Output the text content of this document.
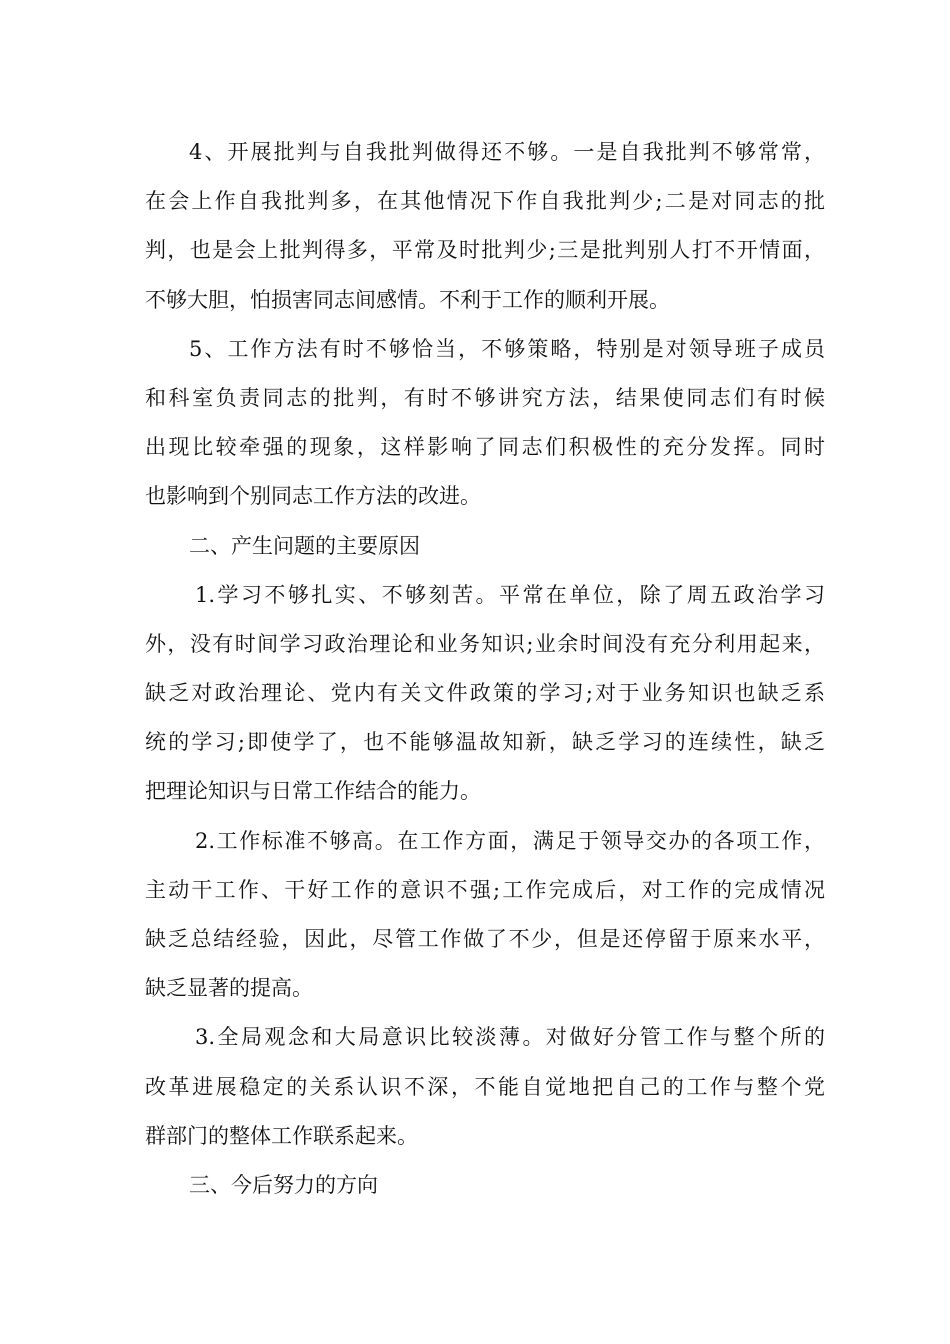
4、开展批判与自我批判做得还不够。一是自我批判不够常常，
在会上作自我批判多，在其他情况下作自我批判少;二是对同志的批
判，也是会上批判得多，平常及时批判少;三是批判别人打不开情面，
不够大胆，怕损害同志间感情。不利于工作的顺利开展。
5、工作方法有时不够恰当，不够策略，特别是对领导班子成员
和科室负责同志的批判，有时不够讲究方法，结果使同志们有时候
出现比较牵强的现象，这样影响了同志们积极性的充分发挥。同时
也影响到个别同志工作方法的改进。
二、产生问题的主要原因
1.学习不够扎实、不够刻苦。平常在单位，除了周五政治学习
外，没有时间学习政治理论和业务知识;业余时间没有充分利用起来，
缺乏对政治理论、党内有关文件政策的学习;对于业务知识也缺乏系
统的学习;即使学了，也不能够温故知新，缺乏学习的连续性，缺乏
把理论知识与日常工作结合的能力。
2.工作标准不够高。在工作方面，满足于领导交办的各项工作，
主动干工作、干好工作的意识不强;工作完成后，对工作的完成情况
缺乏总结经验，因此，尽管工作做了不少，但是还停留于原来水平，
缺乏显著的提高。
3.全局观念和大局意识比较淡薄。对做好分管工作与整个所的
改革进展稳定的关系认识不深，不能自觉地把自己的工作与整个党
群部门的整体工作联系起来。
三、今后努力的方向
